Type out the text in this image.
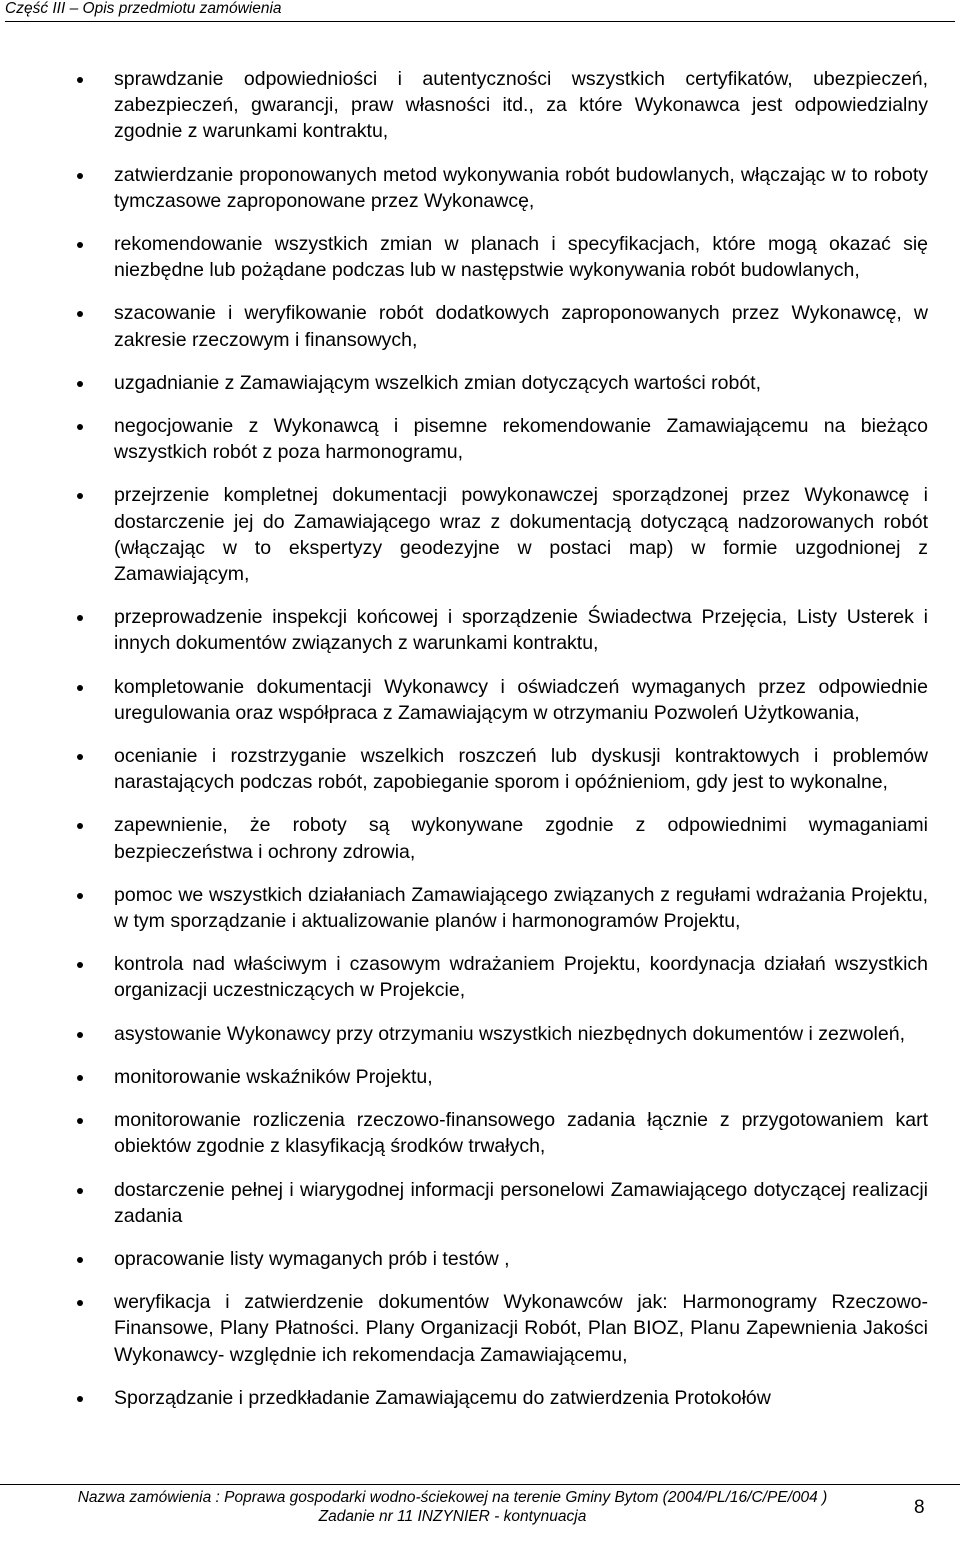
Część III – Opis przedmiotu zamówienia
sprawdzanie odpowiedniości i autentyczności wszystkich certyfikatów, ubezpieczeń, zabezpieczeń, gwarancji, praw własności itd., za które Wykonawca jest odpowiedzialny zgodnie z warunkami kontraktu,
zatwierdzanie proponowanych metod wykonywania robót budowlanych, włączając w to roboty tymczasowe zaproponowane przez Wykonawcę,
rekomendowanie wszystkich zmian w planach i specyfikacjach, które mogą okazać się niezbędne lub pożądane podczas lub w następstwie wykonywania robót budowlanych,
szacowanie i weryfikowanie robót dodatkowych zaproponowanych przez Wykonawcę, w zakresie rzeczowym i finansowych,
uzgadnianie z Zamawiającym wszelkich zmian dotyczących wartości robót,
negocjowanie z Wykonawcą i pisemne rekomendowanie Zamawiającemu na bieżąco wszystkich robót z poza harmonogramu,
przejrzenie kompletnej dokumentacji powykonawczej sporządzonej przez Wykonawcę i dostarczenie jej do Zamawiającego wraz z dokumentacją dotyczącą nadzorowanych robót (włączając w to ekspertyzy geodezyjne w postaci map) w formie uzgodnionej z Zamawiającym,
przeprowadzenie inspekcji końcowej i sporządzenie Świadectwa Przejęcia, Listy Usterek i innych dokumentów związanych z warunkami kontraktu,
kompletowanie dokumentacji Wykonawcy i oświadczeń wymaganych przez odpowiednie uregulowania oraz współpraca z Zamawiającym w otrzymaniu Pozwoleń Użytkowania,
ocenianie i rozstrzyganie wszelkich roszczeń lub dyskusji kontraktowych i problemów narastających podczas robót, zapobieganie sporom i opóźnieniom, gdy jest to wykonalne,
zapewnienie, że roboty są wykonywane zgodnie z odpowiednimi wymaganiami bezpieczeństwa i ochrony zdrowia,
pomoc we wszystkich działaniach Zamawiającego związanych z regułami wdrażania Projektu, w tym sporządzanie i aktualizowanie planów i harmonogramów Projektu,
kontrola nad właściwym i czasowym wdrażaniem Projektu, koordynacja działań wszystkich organizacji uczestniczących w Projekcie,
asystowanie Wykonawcy przy otrzymaniu wszystkich niezbędnych dokumentów i zezwoleń,
monitorowanie wskaźników Projektu,
monitorowanie rozliczenia rzeczowo-finansowego zadania łącznie z przygotowaniem kart obiektów zgodnie z klasyfikacją środków trwałych,
dostarczenie pełnej i wiarygodnej informacji personelowi Zamawiającego dotyczącej realizacji zadania
opracowanie listy wymaganych prób i testów ,
weryfikacja i zatwierdzenie dokumentów Wykonawców jak: Harmonogramy Rzeczowo-Finansowe, Plany Płatności. Plany Organizacji Robót, Plan BIOZ, Planu Zapewnienia Jakości Wykonawcy- względnie ich rekomendacja Zamawiającemu,
Sporządzanie i przedkładanie Zamawiającemu do zatwierdzenia Protokołów
Nazwa zamówienia : Poprawa gospodarki wodno-ściekowej na terenie Gminy Bytom (2004/PL/16/C/PE/004 )
Zadanie nr 11 INZYNIER - kontynuacja	8
